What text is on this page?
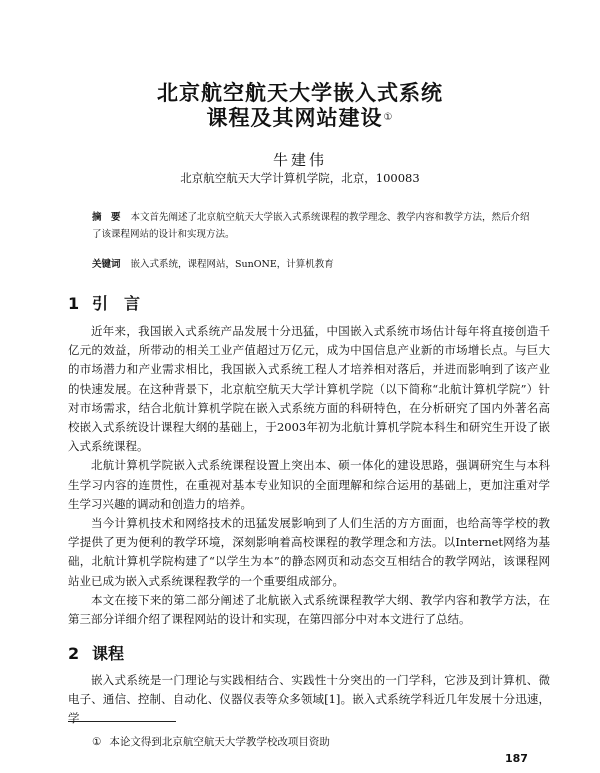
北京航空航天大学嵌入式系统
课程及其网站建设①
牛建伟
北京航空航天大学计算机学院，北京，100083
摘　要 本文首先阐述了北京航空航天大学嵌入式系统课程的教学理念、教学内容和教学方法，然后介绍了该课程网站的设计和实现方法。
关键词 嵌入式系统，课程网站，SunONE，计算机教育
1 引　言

近年来，我国嵌入式系统产品发展十分迅猛，中国嵌入式系统市场估计每年将直接创造千亿元的效益，所带动的相关工业产值超过万亿元，成为中国信息产业新的市场增长点。与巨大的市场潜力和产业需求相比，我国嵌入式系统工程人才培养相对落后，并进而影响到了该产业的快速发展。在这种背景下，北京航空航天大学计算机学院（以下简称“北航计算机学院”）针对市场需求，结合北航计算机学院在嵌入式系统方面的科研特色，在分析研究了国内外著名高校嵌入式系统设计课程大纲的基础上，于2003年初为北航计算机学院本科生和研究生开设了嵌入式系统课程。

北航计算机学院嵌入式系统课程设置上突出本、硕一体化的建设思路，强调研究生与本科生学习内容的连贯性，在重视对基本专业知识的全面理解和综合运用的基础上，更加注重对学生学习兴趣的调动和创造力的培养。

当今计算机技术和网络技术的迅猛发展影响到了人们生活的方方面面，也给高等学校的教学提供了更为便利的教学环境，深刻影响着高校课程的教学理念和方法。以Internet网络为基础，北航计算机学院构建了“以学生为本”的静态网页和动态交互相结合的教学网站，该课程网站业已成为嵌入式系统课程教学的一个重要组成部分。

本文在接下来的第二部分阐述了北航嵌入式系统课程教学大纲、教学内容和教学方法，在第三部分详细介绍了课程网站的设计和实现，在第四部分中对本文进行了总结。

2 课程

嵌入式系统是一门理论与实践相结合、实践性十分突出的一门学科，它涉及到计算机、微电子、通信、控制、自动化、仪器仪表等众多领域[1]。嵌入式系统学科近几年发展十分迅速，学

① 本论文得到北京航空航天大学教学校改项目资助
187
